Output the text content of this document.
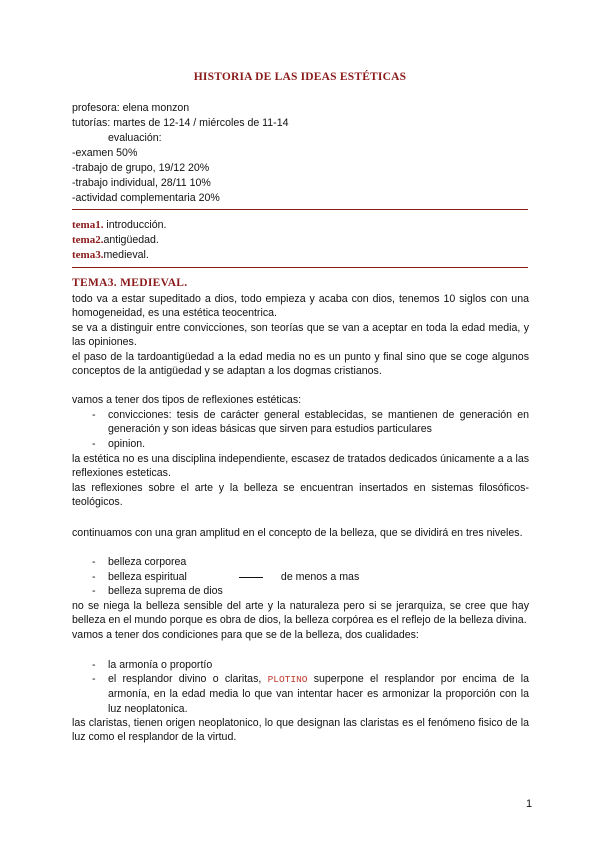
HISTORIA DE LAS IDEAS ESTÉTICAS
profesora: elena monzon
tutorías: martes de 12-14 / miércoles de 11-14
evaluación:
-examen 50%
-trabajo de grupo, 19/12 20%
-trabajo individual, 28/11 10%
-actividad complementaria 20%
tema1. introducción.
tema2.antigüedad.
tema3.medieval.
TEMA3. MEDIEVAL.

todo va a estar supeditado a dios, todo empieza y acaba con dios, tenemos 10 siglos con una homogeneidad, es una estética teocentrica.

se va a distinguir entre convicciones, son teorías que se van a aceptar en toda la edad media, y las opiniones.

el paso de la tardoantigüedad a la edad media no es un punto y final sino que se coge algunos conceptos de la antigüedad y se adaptan a los dogmas cristianos.

vamos a tener dos tipos de reflexiones estéticas:
- convicciones: tesis de carácter general establecidas, se mantienen de generación en generación y son ideas básicas que sirven para estudios particulares

- opinion.

la estética no es una disciplina independiente, escasez de tratados dedicados únicamente a a las reflexiones esteticas.

las reflexiones sobre el arte y la belleza se encuentran insertados en sistemas filosóficos-teológicos.

continuamos con una gran amplitud en el concepto de la belleza, que se dividirá en tres niveles.

- belleza corporea

- belleza espiritual	de menos a mas

- belleza suprema de dios

no se niega la belleza sensible del arte y la naturaleza pero si se jerarquiza, se cree que hay belleza en el mundo porque es obra de dios, la belleza corpórea es el reflejo de la belleza divina.

vamos a tener dos condiciones para que se de la belleza, dos cualidades:

- la armonía o proportío

- el resplandor divino o claritas, PLOTINO superpone el resplandor por encima de la armonía, en la edad media lo que van intentar hacer es armonizar la proporción con la luz neoplatonica.

las claristas, tienen origen neoplatonico, lo que designan las claristas es el fenómeno fisico de la luz como el resplandor de la virtud.

1
